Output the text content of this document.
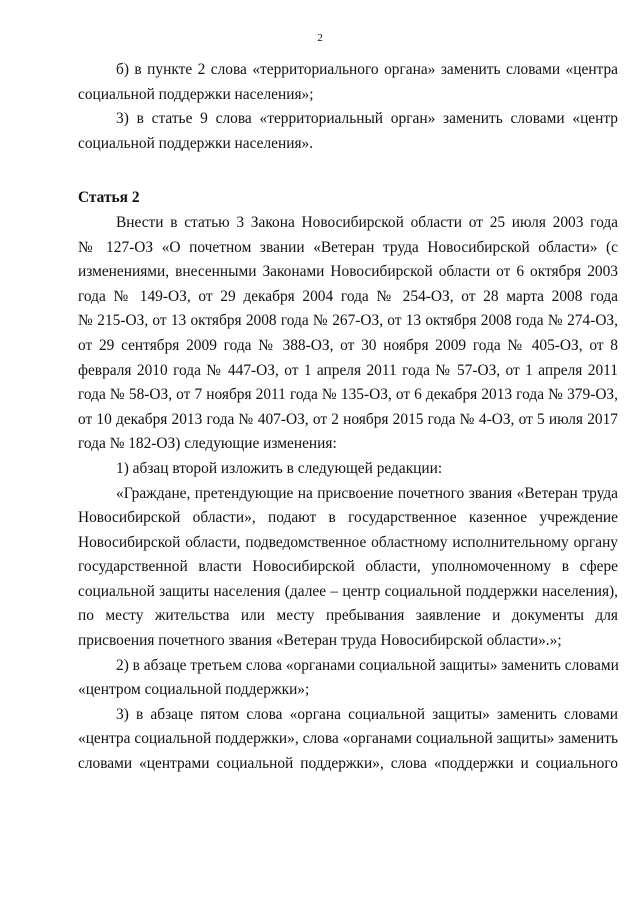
2
б) в пункте 2 слова «территориального органа» заменить словами «центра
социальной поддержки населения»;
3) в статье 9 слова «территориальный орган» заменить словами «центр
социальной поддержки населения».
Статья 2
Внести в статью 3 Закона Новосибирской области от 25 июля 2003 года
№ 127-ОЗ «О почетном звании «Ветеран труда Новосибирской области» (с
изменениями, внесенными Законами Новосибирской области от 6 октября 2003
года № 149-ОЗ, от 29 декабря 2004 года № 254-ОЗ, от 28 марта 2008 года
№ 215-ОЗ, от 13 октября 2008 года № 267-ОЗ, от 13 октября 2008 года № 274-ОЗ,
от 29 сентября 2009 года № 388-ОЗ, от 30 ноября 2009 года № 405-ОЗ, от 8
февраля 2010 года № 447-ОЗ, от 1 апреля 2011 года № 57-ОЗ, от 1 апреля 2011
года № 58-ОЗ, от 7 ноября 2011 года № 135-ОЗ, от 6 декабря 2013 года № 379-ОЗ,
от 10 декабря 2013 года № 407-ОЗ, от 2 ноября 2015 года № 4-ОЗ, от 5 июля 2017
года № 182-ОЗ) следующие изменения:
1) абзац второй изложить в следующей редакции:
«Граждане, претендующие на присвоение почетного звания «Ветеран труда
Новосибирской области», подают в государственное казенное учреждение
Новосибирской области, подведомственное областному исполнительному органу
государственной власти Новосибирской области, уполномоченному в сфере
социальной защиты населения (далее – центр социальной поддержки населения),
по месту жительства или месту пребывания заявление и документы для
присвоения почетного звания «Ветеран труда Новосибирской области».»;
2) в абзаце третьем слова «органами социальной защиты» заменить словами
«центром социальной поддержки»;
3) в абзаце пятом слова «органа социальной защиты» заменить словами
«центра социальной поддержки», слова «органами социальной защиты» заменить
словами «центрами социальной поддержки», слова «поддержки и социального
